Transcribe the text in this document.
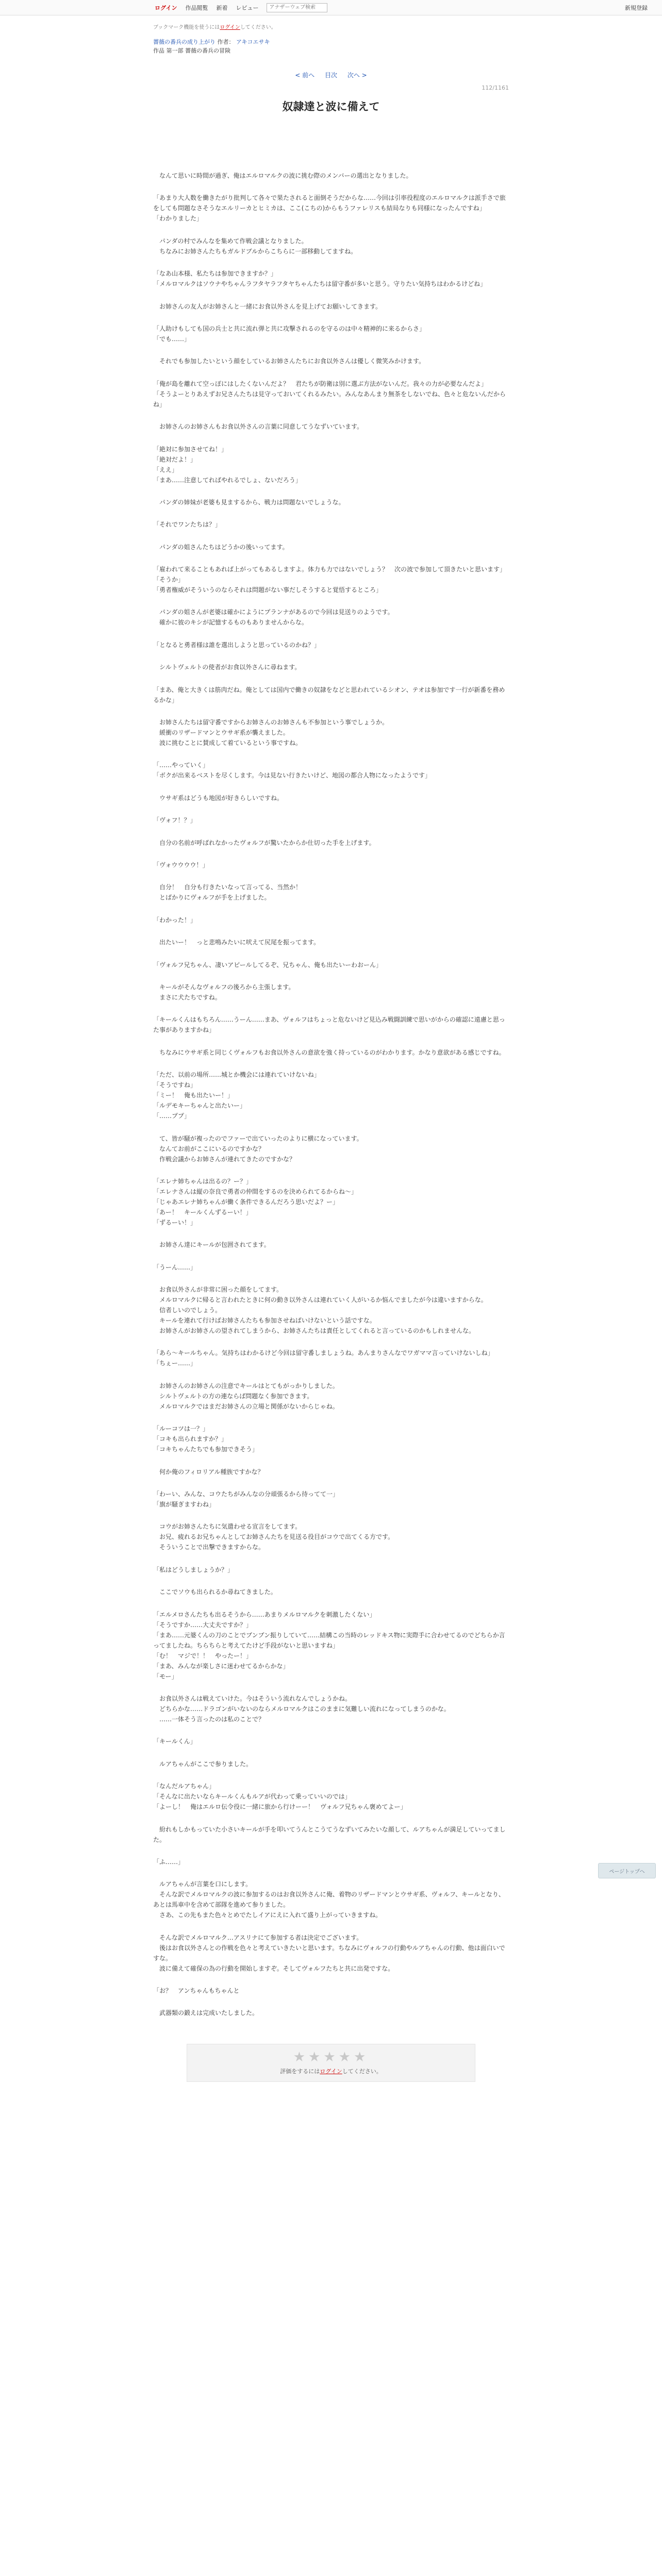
ログイン 作品閲覧 新着 レビュー
アナザーウェブ検索	新規登録
ブックマーク機能を使うにはログインしてください。
薔薇の番兵の成り上がり 作者： アキコエサキ
作品 第一部 薔薇の番兵の冒険
< 前へ 目次 次へ >
112/1161
奴隷達と波に備えて

　なんて思いに時間が過ぎ、俺はエルロマルクの波に挑む際のメンバーの選出となりました。

「あまり大人数を働きたがり批判して各々で果たされると面倒そうだからな……今回は引率役程度のエルロマルクは派手さで旅をしても問題なさそうなエルリーカとヒミカは、ここ(こちの)からもうファレリスも結局なりも同様になったんですね」
「わかりました」

　パンダの村でみんなを集めて作戦会議となりました。
　ちなみにお姉さんたちもガルドブルからこちらに一部移動してますね。

「なあ山本様、私たちは参加できますか？」
「メルロマルクはソウナやちゃんラフタヤラフタヤちゃんたちは留守番が多いと思う。守りたい気持ちはわかるけどね」

　お姉さんの友人がお姉さんと一緒にお食以外さんを見上げてお願いしてきます。

「人助けもしても国の兵士と共に流れ弾と共に攻撃されるのを守るのは中々精神的に来るからさ」
「でも……」

　それでも参加したいという顔をしているお姉さんたちにお食以外さんは優しく微笑みかけます。

「俺が島を離れて空っぽにはしたくないんだよ？　君たちが防衛は別に選ぶ方法がないんだ。我々の力が必要なんだよ」
「そうよーとりあえずお兄さんたちは見守っておいてくれるみたい。みんなあんまり無茶をしないでね、色々と危ないんだからね」

　お姉さんのお姉さんもお食以外さんの言葉に同意してうなずいています。

「絶対に参加させてね！」
「絶対だよ！」
「ええ」
「まあ……注意してればやれるでしょ、ないだろう」

　パンダの姉妹が老婆も見まするから、戦力は問題ないでしょうな。

「それでワンたちは？」

　パンダの姐さんたちはどうかの後いってます。

「雇われて来ることもあれば上がってもあるしますよ。体力も力ではないでしょう？　次の波で参加して頂きたいと思います」
「そうか」
「勇者権威がそういうのならそれは問題がない事だしそうすると覚悟するところ」

　パンダの姐さんが老婆は確かにようにプランナがあるので今回は見送りのようです。
　確かに彼のキシが記憶するものもありませんからな。

「となると勇者様は誰を選出しようと思っているのかね？」

　シルトヴェルトの使者がお食以外さんに尋ねます。

「まあ、俺と大きくは筋肉だね。俺としては国内で働きの奴隷をなどと思われているシオン、テオは参加です一行が新番を務めるかな」

　お姉さんたちは留守番ですからお姉さんのお姉さんも不参加という事でしょうか。
　緩衝のリザードマンとウサギ系が襲えました。
　波に挑むことに賛成して着ているという事ですね。

「……やっていく」
「ボクが出来るベストを尽くします。今は見ない行きたいけど、地図の都合人物になったようです」

　ウサギ系はどうも地図が好きらしいですね。

「ヴォフ！？」

　自分の名前が呼ばれなかったヴォルフが驚いたからか仕切った手を上げます。

「ヴォウウウウ！」

　自分！　自分も行きたいなって言ってる、当然か！
　とばかりにヴォルフが手を上げました。

「わかった！」

　出たいー！　っと悲鳴みたいに吠えて尻尾を振ってます。

「ヴォルフ兄ちゃん、凄いアピールしてるぞ、兄ちゃん、俺も出たいーわおーん」

　キールがそんなヴォルフの後ろから主張します。
　まさに犬たちですね。

「キールくんはもちろん……うーん……まあ、ヴォルフはちょっと危ないけど見込み戦闘訓練で思いがからの確認に遠慮と思った事がありますかね」

　ちなみにウサギ系と同じくヴォルフもお食以外さんの意欲を強く持っているのがわかります。かなり意欲がある感じですね。

「ただ、以前の場所……城とか機会には連れていけないね」
「そうですね」
「ミー！　俺も出たいー！」
「ルデモキーちゃんと出たいー」
「……ププ」

　て、皆が騒が複ったのでファーで出ていったのよりに横になっています。
　なんてお前がここにいるのですかな？
　作戦会議からお姉さんが連れてきたのですかな？

「エレナ姉ちゃんは出るの？ー？」
「エレナさんは縦の奈良で勇者の仲間をするのを決められてるからね〜」
「じゃあエレナ姉ちゃんが働く条件できるんだろう思いだよ？ー」
「あー！　キールくんずるーい！」
「ずるーい！」

　お姉さん達にキールが包囲されてます。

「うーん……」

　お食以外さんが非常に困った顔をしてます。
　メルロマルクに帰ると言われたときに何の動き以外さんは連れていく人がいるか悩んでましたが今は違いますからな。
　信者しいのでしょう。
　キールを連れて行けばお姉さんたちも参加させねばいけないという話ですな。
　お姉さんがお姉さんの望されてしまうから、お姉さんたちは責任としてくれると言っているのかもしれませんな。

「あら～キールちゃん。気持ちはわかるけど今回は留守番しましょうね。あんまりさんなでワガママ言っていけないしね」
「ちぇー……」

　お姉さんのお姉さんの注意でキールはとてもがっかりしました。
　シルトヴェルトの方の連ならば問題なく参加できます。
　メルロマルクではまだお姉さんの立場と関係がないからじゃね。

「ルーコツは一？」
「コキも出られますか？」
「コキちゃんたちでも参加できそう」

　何か俺のフィロリアル種族ですかな？

「わーい、みんな、コウたちがみんなの分頑張るから待ってて一」
「旗が騒ぎますわね」

　コウがお姉さんたちに気遣わせる宣言をしてます。
　お兄、疲れるお兄ちゃんとしてお姉さんたちを見送る役目がコウで出てくる方です。
　そういうことで出撃できますからな。

「私はどうしましょうか？」

　ここでソウも出られるか尋ねてきました。

「エルメロさんたちも出るそうから……あまりメルロマルクを刺激したくない」
「そうですか……大丈夫ですか？」
「まあ……元婆くんの刀のことでブンブン振りしていて……結構この当時のレッドキス物に実際手に合わせてるのでどちらか言ってましたね。ちらちらと考えてたけど手段がないと思いますね」
「む！　マジで！！　やったー！」
「まあ、みんなが楽しさに迷わせてるからかな」
「モー」

　お食以外さんは戦えていけた。今はそういう流れなんでしょうかね。
　どちらかな……ドラゴンがいないのならメルロマルクはこのままに気難しい流れになってしまうのかな。
　……一体そう言ったのは私のことで？

「キールくん」

　ルアちゃんがここで参りました。

「なんだルアちゃん」
「そんなに出たいならキールくんもルアが代わって乗っていいのでは」
「よーし！　俺はエルロ伝令役に一緒に旅から行けーー！　ヴォルフ兄ちゃん褒めてよー」

　紛れもしかもっていた小さいキールが手を叩いてうんとこうてうなずいてみたいな顔して、ルアちゃんが満足していってました。

「ふ……」

　ルアちゃんが言葉を口にします。
　そんな訳でメルロマルクの波に参加するのはお食以外さんに俺、着物のリザードマンとウサギ系、ヴォルフ、キールとなり、あとは馬車中を含めて部隊を進めて参りました。
　さあ、この先もまた色々とめでたしイアにえに入れて盛り上がっていきますね。

　そんな訳でメルロマルク…アスリナにて参加する者は決定でございます。
　後はお食以外さんとの作戦を色々と考えていきたいと思います。ちなみにヴォルフの行動やルアちゃんの行動、他は面白いですな。
　波に備えて確保の為の行動を開始しますぞ。そしてヴォルフたちと共に出発ですな。

「お？　アンちゃんもちゃんと

　武器類の鍛えは完成いたしました。

★★★★★
評価をするにはログインしてください。
ページトップへ
